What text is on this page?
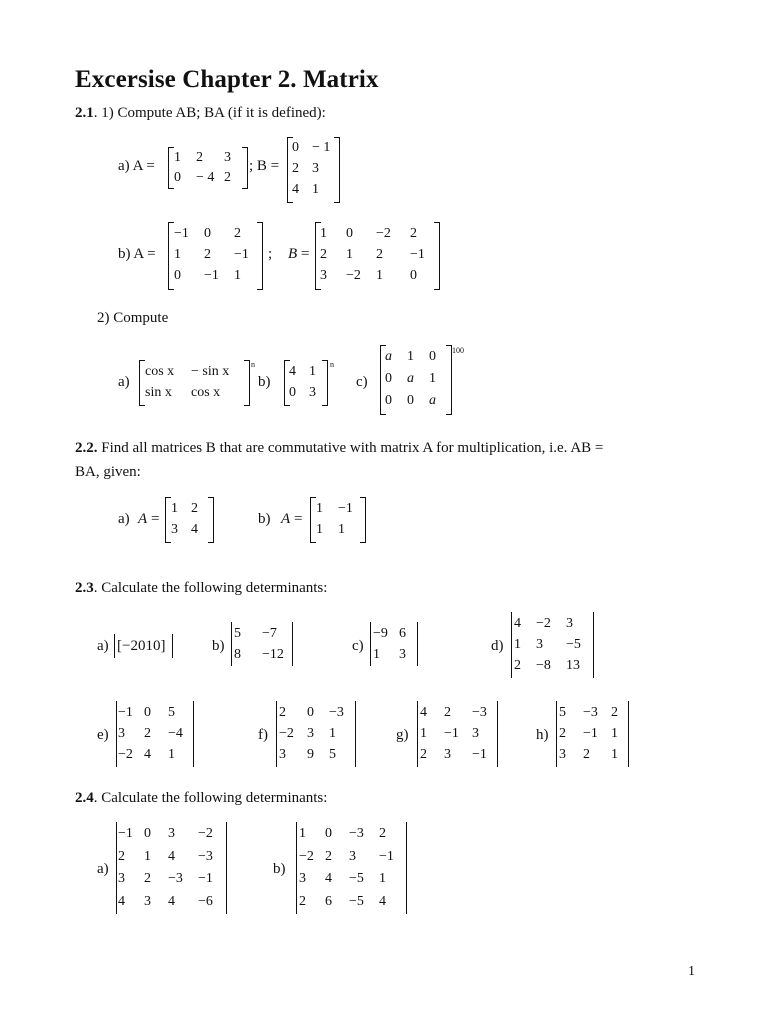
Excersise Chapter 2. Matrix
2.1. 1) Compute AB; BA (if it is defined):
a) A =
1	2	3
0	− 4 2
; B =
0 − 1
2 3
4 1
b) A =
−1	0	2
1	2	−1
0	−1	1
; B =
1	0	−2	2
2	1	2	−1
3	−2	1	0
2) Compute
a)
cos x	− sin x
sin x	cos x
n
b)
4 1
0 3
n
c)
a	1	0
0	a	1
0	0	a
100
2.2. Find all matrices B that are commutative with matrix A for multiplication, i.e. AB =
BA, given:
a) A =
1 2
3 4
b) A =
1	−1
1	1
2.3. Calculate the following determinants:
a) [−2010]	b)
5	−7
8	−12	c)
−9 6
1	3	d)
4	−2	3
1	3	−5
2	−8	13
e)
−1 0	5
3	2	−4
−2 4	1
f)
2	0	−3
−2 3	1
3	9	5
g)
4	2	−3
1	−1 3
2	3	−1
h)
5	−3 2
2	−1 1
3	2	1
2.4. Calculate the following determinants:
a)
−1 0	3	−2
2	1	4	−3
3	2	−3	−1
4	3	4	−6
b)
1	0	−3	2
−2 2	3	−1
3	4	−5	1
2	6	−5	4
1
